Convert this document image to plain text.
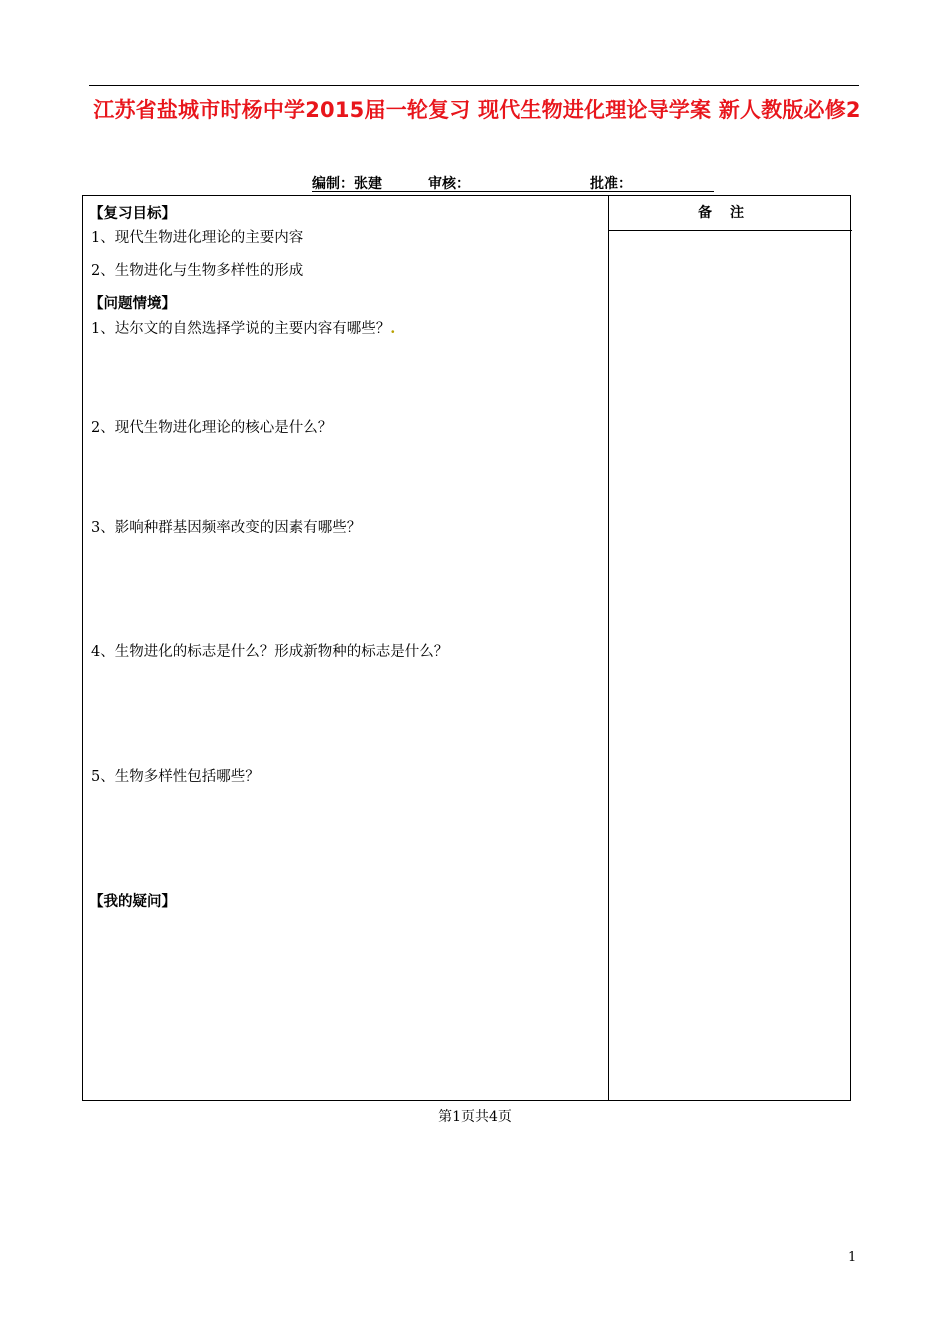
江苏省盐城市时杨中学2015届一轮复习 现代生物进化理论导学案 新人教版必修2
编制：张建	审核：	批准：
备注
【复习目标】
1、现代生物进化理论的主要内容
2、生物进化与生物多样性的形成
【问题情境】
1、达尔文的自然选择学说的主要内容有哪些？.
2、现代生物进化理论的核心是什么？
3、影响种群基因频率改变的因素有哪些？
4、生物进化的标志是什么？形成新物种的标志是什么？
5、生物多样性包括哪些？
【我的疑问】
第1页共4页
1
